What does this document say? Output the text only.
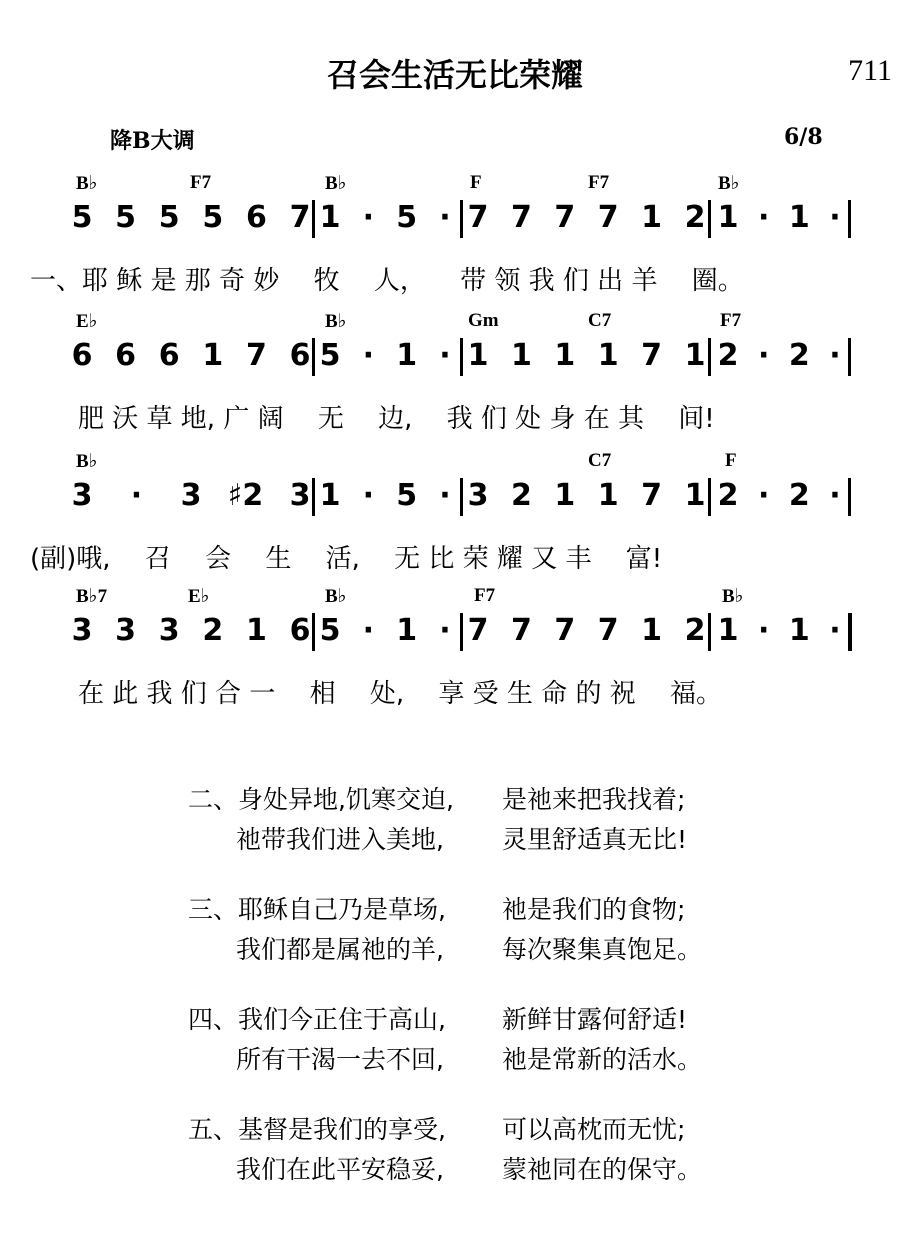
召会生活无比荣耀	711
降B大调	6/8
B♭	F7	B♭	F	F7	B♭
5 5 5 5 6 7 1 · 5 · 7 7 7 7 1 2 1 · 1 ·
一、耶 稣 是 那 奇 妙 　牧 　人， 　带 领 我 们 出 羊 　圈。
E♭	B♭	Gm	C7	F7
6 6 6 1 7 6 5 · 1 · 1 1 1 1 7 1 2 · 2 ·
肥 沃 草 地, 广 阔 　无 　边, 　我 们 处 身 在 其 　间!
B♭	C7	F
3 · 3 ♯2 3 1 · 5 · 3 2 1 1 7 1 2 · 2 ·
(副)哦, 　召 　会 　生 　活, 　无 比 荣 耀 又 丰 　富!
B♭7	E♭	B♭	F7	B♭
3 3 3 2 1 6 5 · 1 · 7 7 7 7 1 2 1 · 1 ·
在 此 我 们 合 一 　相 　处, 　享 受 生 命 的 祝 　福。
二、身处异地,饥寒交迫, 是祂来把我找着;
祂带我们进入美地, 灵里舒适真无比!
三、耶稣自己乃是草场, 祂是我们的食物;
我们都是属祂的羊, 每次聚集真饱足。
四、我们今正住于高山, 新鲜甘露何舒适!
所有干渴一去不回, 祂是常新的活水。
五、基督是我们的享受, 可以高枕而无忧;
我们在此平安稳妥, 蒙祂同在的保守。
